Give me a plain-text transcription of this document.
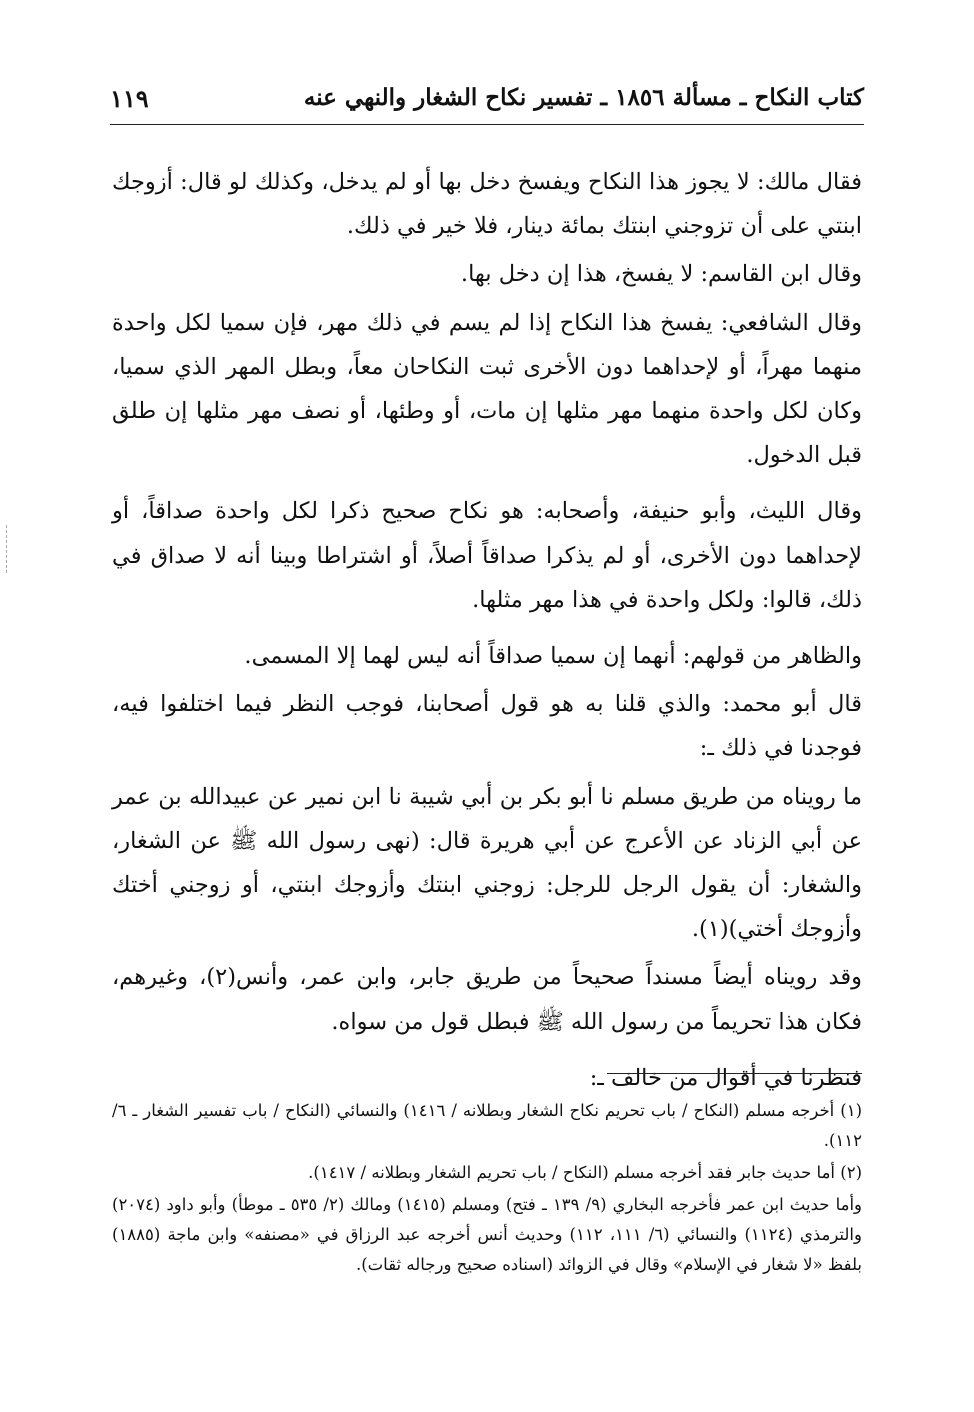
كتاب النكاح ـ مسألة ١٨٥٦ ـ تفسير نكاح الشغار والنهي عنه
١١٩

فقال مالك: لا يجوز هذا النكاح ويفسخ دخل بها أو لم يدخل، وكذلك لو قال: أزوجك ابنتي على أن تزوجني ابنتك بمائة دينار، فلا خير في ذلك.

وقال ابن القاسم: لا يفسخ، هذا إن دخل بها.

وقال الشافعي: يفسخ هذا النكاح إذا لم يسم في ذلك مهر، فإن سميا لكل واحدة منهما مهراً، أو لإحداهما دون الأخرى ثبت النكاحان معاً، وبطل المهر الذي سميا، وكان لكل واحدة منهما مهر مثلها إن مات، أو وطئها، أو نصف مهر مثلها إن طلق قبل الدخول.

وقال الليث، وأبو حنيفة، وأصحابه: هو نكاح صحيح ذكرا لكل واحدة صداقاً، أو لإحداهما دون الأخرى، أو لم يذكرا صداقاً أصلاً، أو اشتراطا وبينا أنه لا صداق في ذلك، قالوا: ولكل واحدة في هذا مهر مثلها.

والظاهر من قولهم: أنهما إن سميا صداقاً أنه ليس لهما إلا المسمى.

قال أبو محمد: والذي قلنا به هو قول أصحابنا، فوجب النظر فيما اختلفوا فيه، فوجدنا في ذلك ـ:

ما رويناه من طريق مسلم نا أبو بكر بن أبي شيبة نا ابن نمير عن عبيدالله بن عمر عن أبي الزناد عن الأعرج عن أبي هريرة قال: (نهى رسول الله ﷺ عن الشغار، والشغار: أن يقول الرجل للرجل: زوجني ابنتك وأزوجك ابنتي، أو زوجني أختك وأزوجك أختي)(١).

وقد رويناه أيضاً مسنداً صحيحاً من طريق جابر، وابن عمر، وأنس(٢)، وغيرهم، فكان هذا تحريماً من رسول الله ﷺ فبطل قول من سواه.

فنظرنا في أقوال من خالف ـ:

(١) أخرجه مسلم (النكاح / باب تحريم نكاح الشغار وبطلانه / ١٤١٦) والنسائي (النكاح / باب تفسير الشغار ـ ٦/ ١١٢).

(٢) أما حديث جابر فقد أخرجه مسلم (النكاح / باب تحريم الشغار وبطلانه / ١٤١٧).

وأما حديث ابن عمر فأخرجه البخاري (٩/ ١٣٩ ـ فتح) ومسلم (١٤١٥) ومالك (٢/ ٥٣٥ ـ موطأ) وأبو داود (٢٠٧٤) والترمذي (١١٢٤) والنسائي (٦/ ١١١، ١١٢) وحديث أنس أخرجه عبد الرزاق في «مصنفه» وابن ماجة (١٨٨٥) بلفظ «لا شغار في الإسلام» وقال في الزوائد (اسناده صحيح ورجاله ثقات).
